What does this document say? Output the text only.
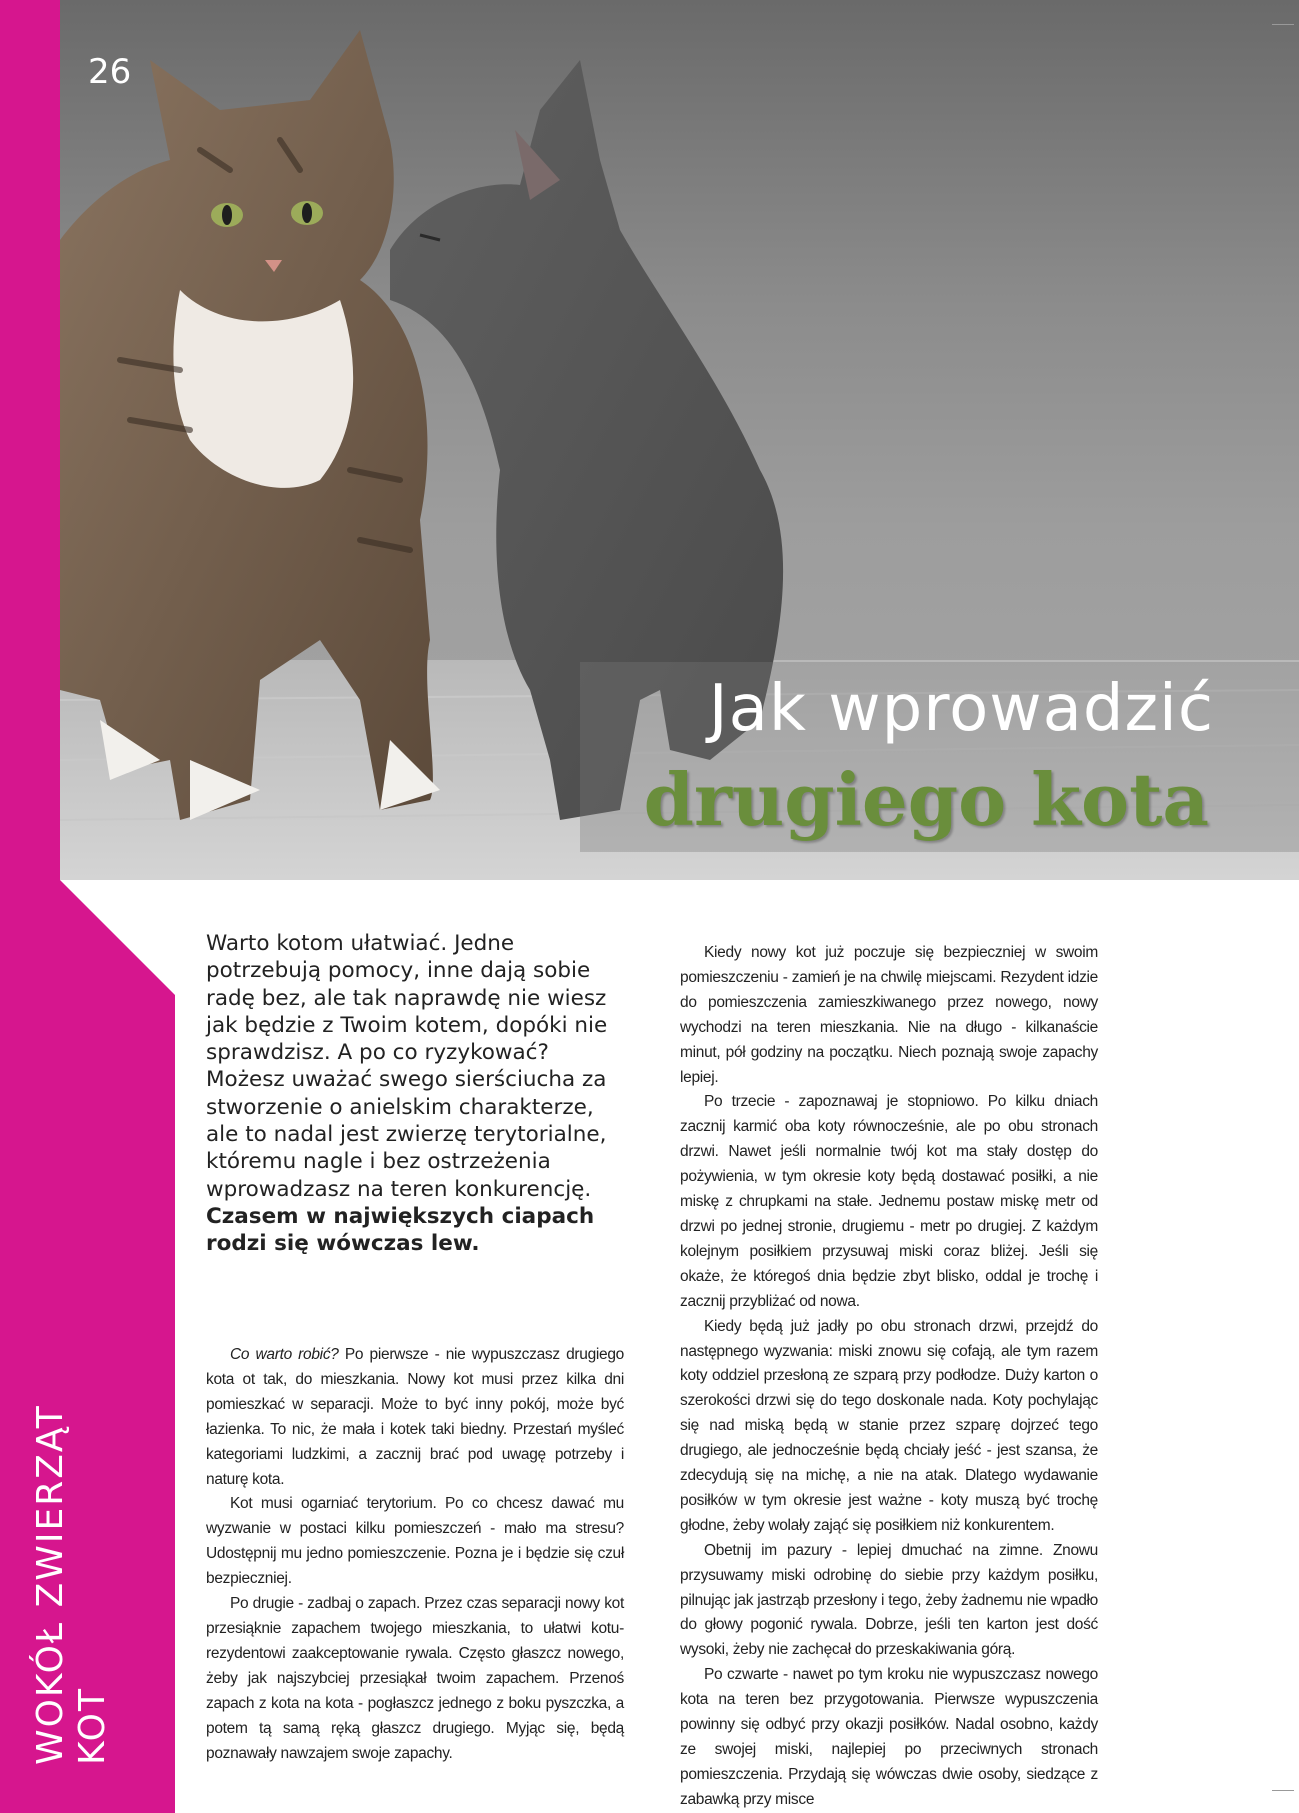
26
Jak wprowadzić
drugiego kota
WOKÓŁ ZWIERZĄT KOT
Warto kotom ułatwiać. Jedne potrzebują pomocy, inne dają sobie radę bez, ale tak naprawdę nie wiesz jak będzie z Twoim kotem, dopóki nie sprawdzisz. A po co ryzykować? Możesz uważać swego sierściucha za stworzenie o anielskim charakterze, ale to nadal jest zwierzę terytorialne, któremu nagle i bez ostrzeżenia wprowadzasz na teren konkurencję.
Czasem w największych ciapach rodzi się wówczas lew.

Co warto robić? Po pierwsze - nie wypuszczasz drugiego kota ot tak, do mieszkania. Nowy kot musi przez kilka dni pomieszkać w separacji. Może to być inny pokój, może być łazienka. To nic, że mała i kotek taki biedny. Przestań myśleć kategoriami ludzkimi, a zacznij brać pod uwagę potrzeby i naturę kota.

Kot musi ogarniać terytorium. Po co chcesz dawać mu wyzwanie w postaci kilku pomieszczeń - mało ma stresu? Udostępnij mu jedno pomieszczenie. Pozna je i będzie się czuł bezpieczniej.

Po drugie - zadbaj o zapach. Przez czas separacji nowy kot przesiąknie zapachem twojego mieszkania, to ułatwi kotu-rezydentowi zaakceptowanie rywala. Często głaszcz nowego, żeby jak najszybciej przesiąkał twoim zapachem. Przenoś zapach z kota na kota - pogłaszcz jednego z boku pyszczka, a potem tą samą ręką głaszcz drugiego. Myjąc się, będą poznawały nawzajem swoje zapachy.

Kiedy nowy kot już poczuje się bezpieczniej w swoim pomieszczeniu - zamień je na chwilę miejscami. Rezydent idzie do pomieszczenia zamieszkiwanego przez nowego, nowy wychodzi na teren mieszkania. Nie na długo - kilkanaście minut, pół godziny na początku. Niech poznają swoje zapachy lepiej.

Po trzecie - zapoznawaj je stopniowo. Po kilku dniach zacznij karmić oba koty równocześnie, ale po obu stronach drzwi. Nawet jeśli normalnie twój kot ma stały dostęp do pożywienia, w tym okresie koty będą dostawać posiłki, a nie miskę z chrupkami na stałe. Jednemu postaw miskę metr od drzwi po jednej stronie, drugiemu - metr po drugiej. Z każdym kolejnym posiłkiem przysuwaj miski coraz bliżej. Jeśli się okaże, że któregoś dnia będzie zbyt blisko, oddal je trochę i zacznij przybliżać od nowa.

Kiedy będą już jadły po obu stronach drzwi, przejdź do następnego wyzwania: miski znowu się cofają, ale tym razem koty oddziel przesłoną ze szparą przy podłodze. Duży karton o szerokości drzwi się do tego doskonale nada. Koty pochylając się nad miską będą w stanie przez szparę dojrzeć tego drugiego, ale jednocześnie będą chciały jeść - jest szansa, że zdecydują się na michę, a nie na atak. Dlatego wydawanie posiłków w tym okresie jest ważne - koty muszą być trochę głodne, żeby wolały zająć się posiłkiem niż konkurentem.

Obetnij im pazury - lepiej dmuchać na zimne. Znowu przysuwamy miski odrobinę do siebie przy każdym posiłku, pilnując jak jastrząb przesłony i tego, żeby żadnemu nie wpadło do głowy pogonić rywala. Dobrze, jeśli ten karton jest dość wysoki, żeby nie zachęcał do przeskakiwania górą.

Po czwarte - nawet po tym kroku nie wypuszczasz nowego kota na teren bez przygotowania. Pierwsze wypuszczenia powinny się odbyć przy okazji posiłków. Nadal osobno, każdy ze swojej miski, najlepiej po przeciwnych stronach pomieszczenia. Przydają się wówczas dwie osoby, siedzące z zabawką przy misce
